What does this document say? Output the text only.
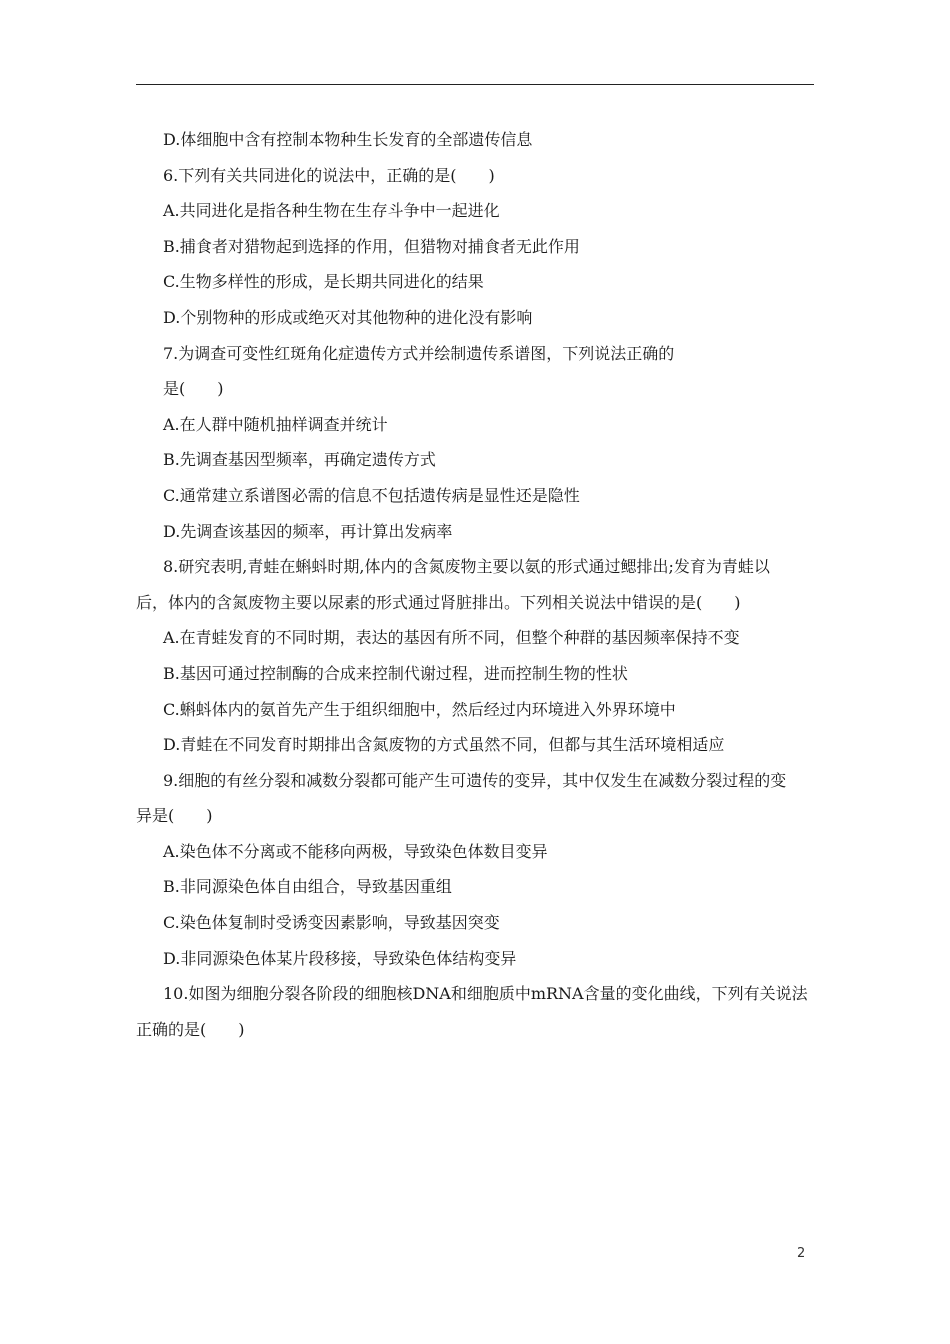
D.体细胞中含有控制本物种生长发育的全部遗传信息
6.下列有关共同进化的说法中，正确的是(　　)
A.共同进化是指各种生物在生存斗争中一起进化
B.捕食者对猎物起到选择的作用，但猎物对捕食者无此作用
C.生物多样性的形成，是长期共同进化的结果
D.个别物种的形成或绝灭对其他物种的进化没有影响
7.为调查可变性红斑角化症遗传方式并绘制遗传系谱图，下列说法正确的
是(　　)
A.在人群中随机抽样调查并统计
B.先调查基因型频率，再确定遗传方式
C.通常建立系谱图必需的信息不包括遗传病是显性还是隐性
D.先调查该基因的频率，再计算出发病率
8.研究表明,青蛙在蝌蚪时期,体内的含氮废物主要以氨的形式通过鳃排出;发育为青蛙以
后，体内的含氮废物主要以尿素的形式通过肾脏排出。下列相关说法中错误的是(　　)
A.在青蛙发育的不同时期，表达的基因有所不同，但整个种群的基因频率保持不变
B.基因可通过控制酶的合成来控制代谢过程，进而控制生物的性状
C.蝌蚪体内的氨首先产生于组织细胞中，然后经过内环境进入外界环境中
D.青蛙在不同发育时期排出含氮废物的方式虽然不同，但都与其生活环境相适应
9.细胞的有丝分裂和减数分裂都可能产生可遗传的变异，其中仅发生在减数分裂过程的变
异是(　　)
A.染色体不分离或不能移向两极，导致染色体数目变异
B.非同源染色体自由组合，导致基因重组
C.染色体复制时受诱变因素影响，导致基因突变
D.非同源染色体某片段移接，导致染色体结构变异
10.如图为细胞分裂各阶段的细胞核DNA和细胞质中mRNA含量的变化曲线，下列有关说法
正确的是(　　)
2
